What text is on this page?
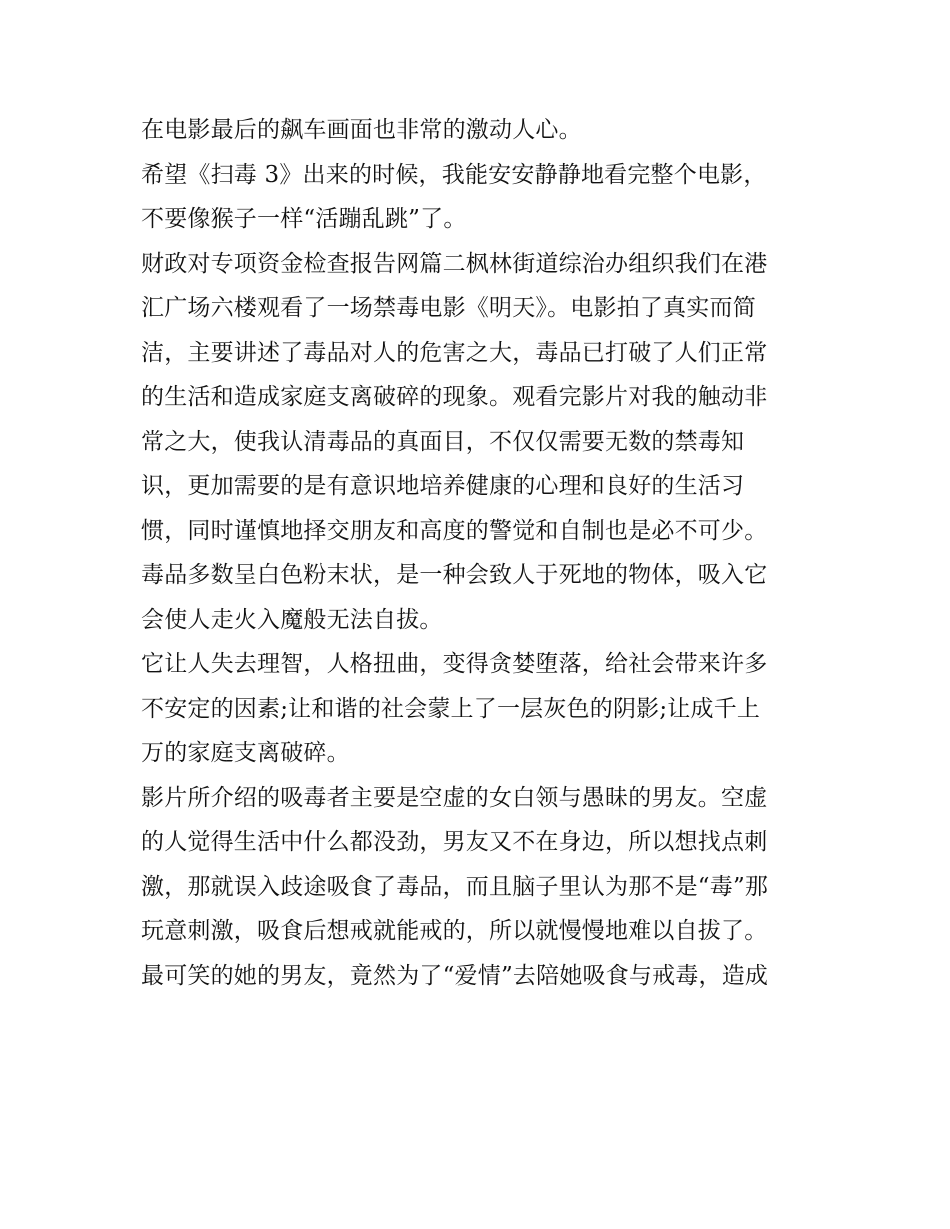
在电影最后的飙车画面也非常的激动人心。
希望《扫毒 3》出来的时候，我能安安静静地看完整个电影，
不要像猴子一样“活蹦乱跳”了。
财政对专项资金检查报告网篇二枫林街道综治办组织我们在港
汇广场六楼观看了一场禁毒电影《明天》。电影拍了真实而简
洁，主要讲述了毒品对人的危害之大，毒品已打破了人们正常
的生活和造成家庭支离破碎的现象。观看完影片对我的触动非
常之大，使我认清毒品的真面目，不仅仅需要无数的禁毒知
识，更加需要的是有意识地培养健康的心理和良好的生活习
惯，同时谨慎地择交朋友和高度的警觉和自制也是必不可少。
毒品多数呈白色粉末状，是一种会致人于死地的物体，吸入它
会使人走火入魔般无法自拔。
它让人失去理智，人格扭曲，变得贪婪堕落，给社会带来许多
不安定的因素;让和谐的社会蒙上了一层灰色的阴影;让成千上
万的家庭支离破碎。
影片所介绍的吸毒者主要是空虚的女白领与愚昧的男友。空虚
的人觉得生活中什么都没劲，男友又不在身边，所以想找点刺
激，那就误入歧途吸食了毒品，而且脑子里认为那不是“毒”那
玩意刺激，吸食后想戒就能戒的，所以就慢慢地难以自拔了。
最可笑的她的男友，竟然为了“爱情”去陪她吸食与戒毒，造成
